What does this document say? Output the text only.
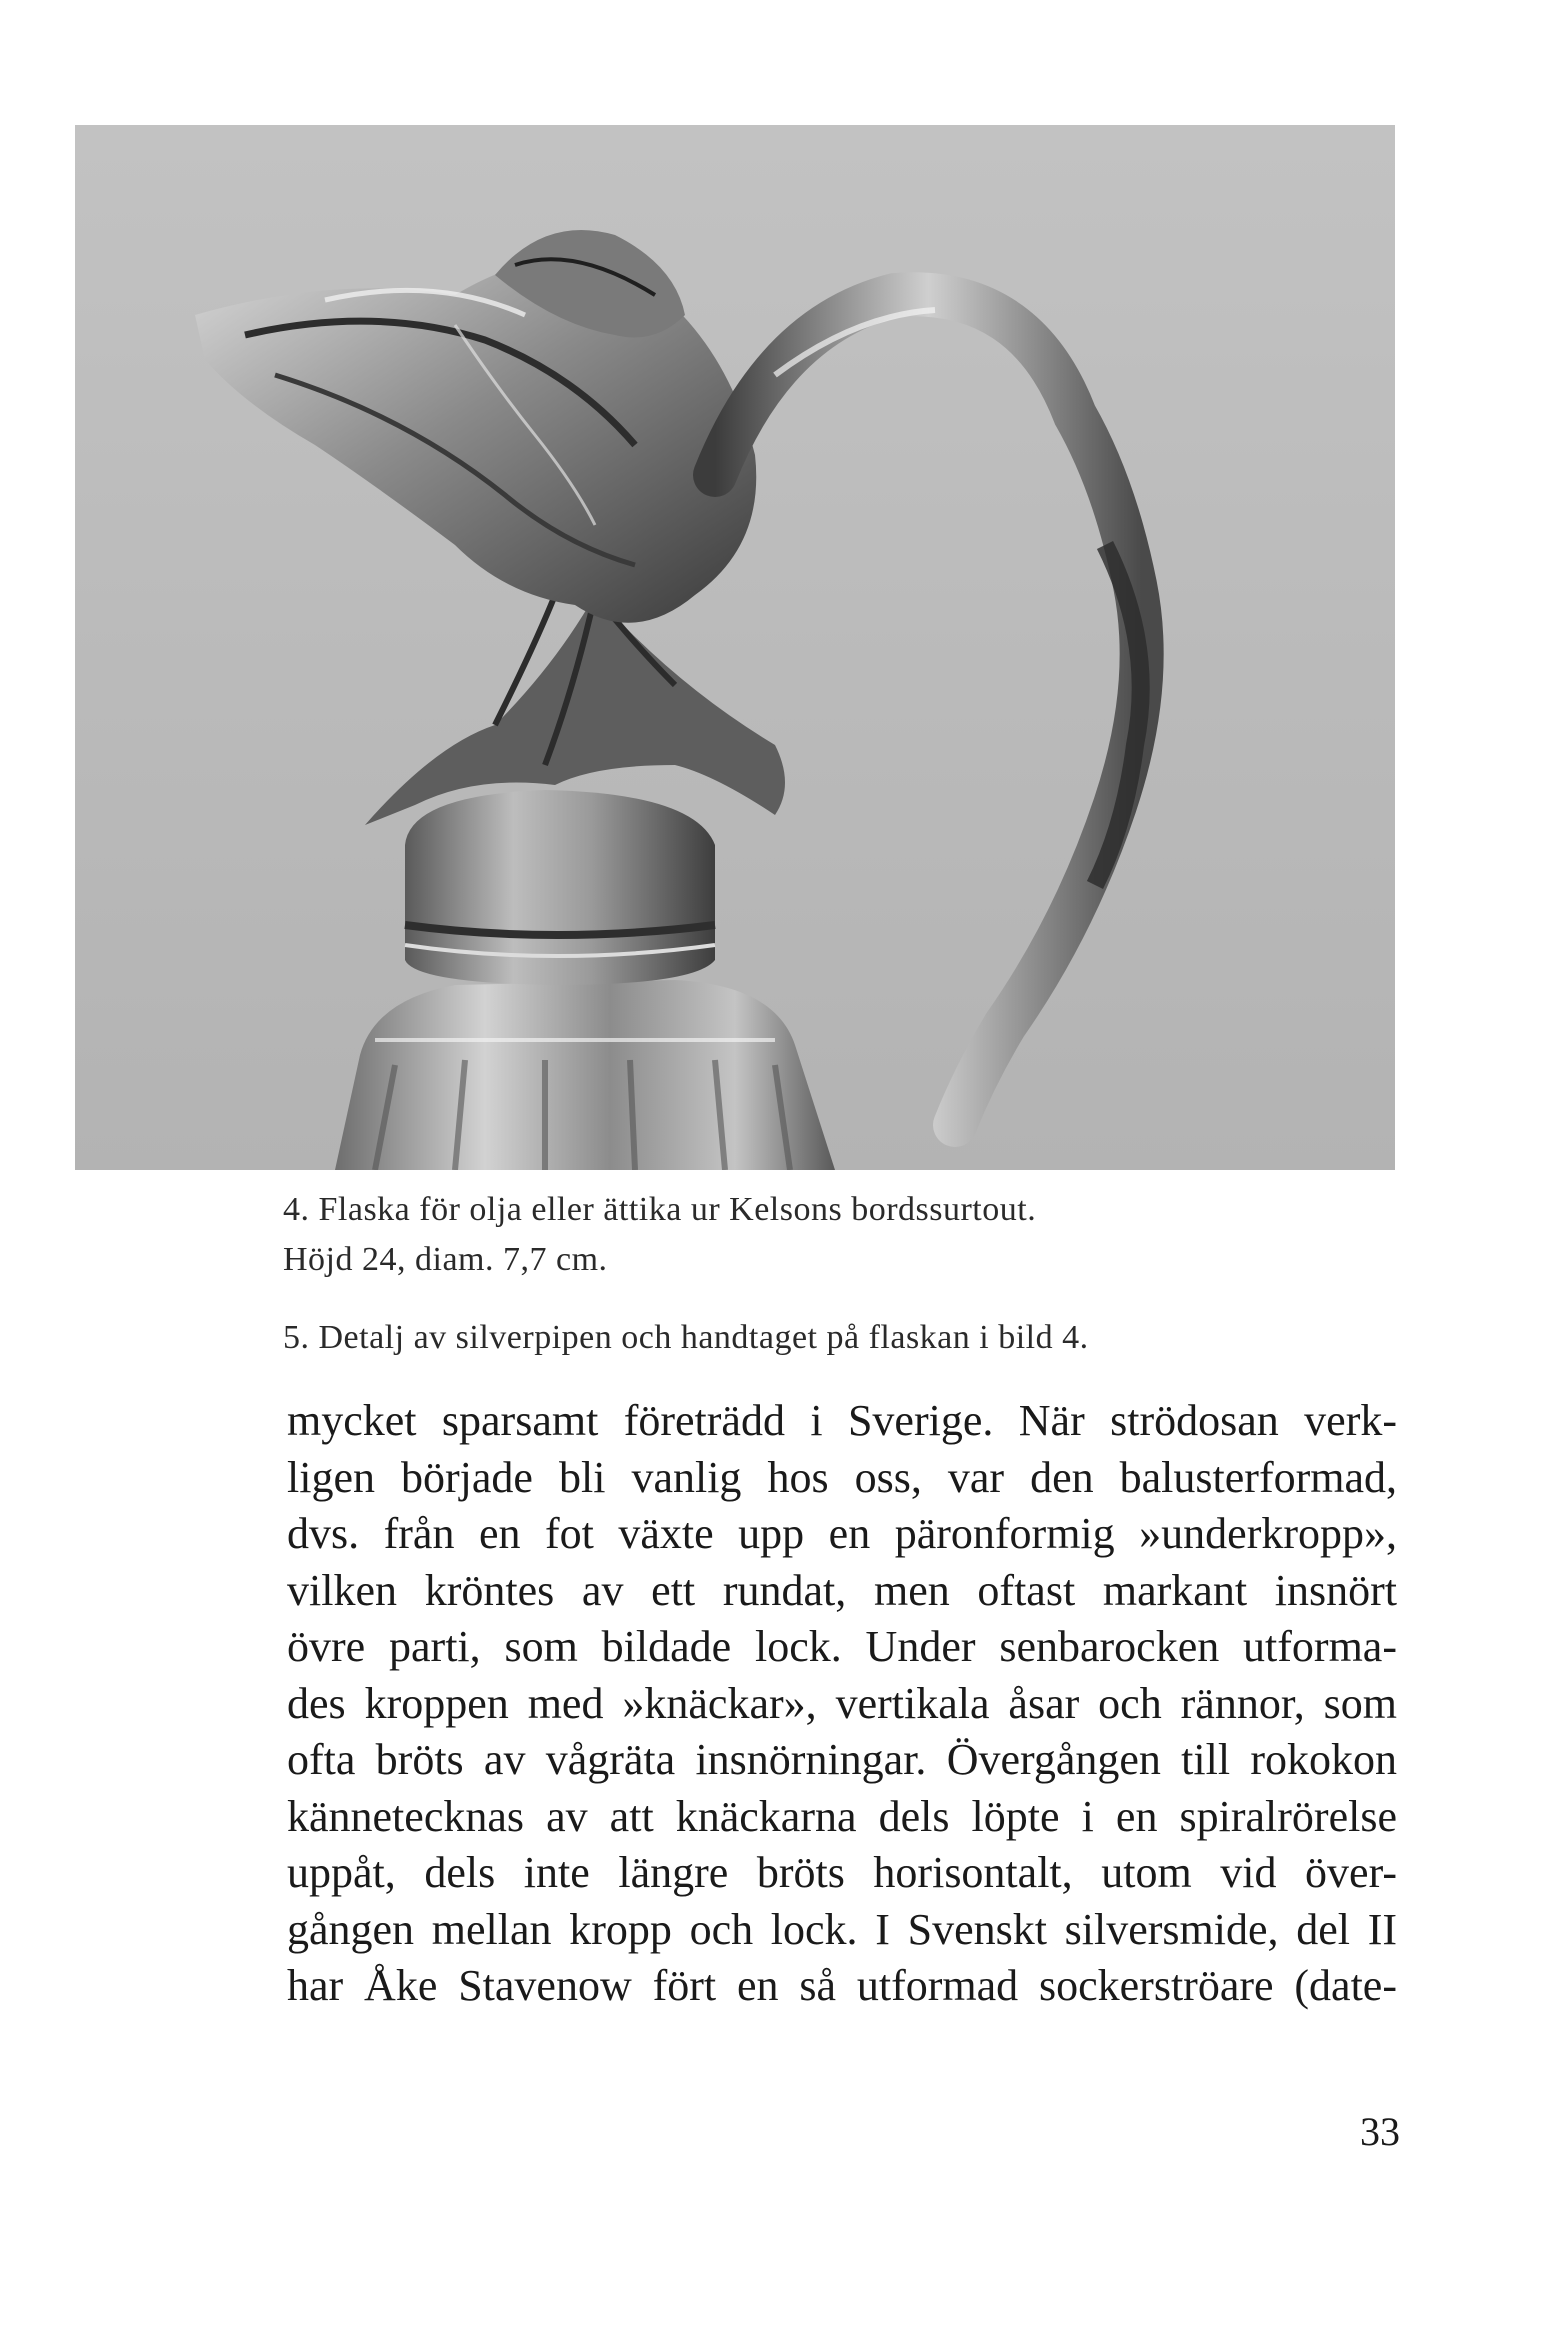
4. Flaska för olja eller ättika ur Kelsons bordssurtout.
Höjd 24, diam. 7,7 cm.

5. Detalj av silverpipen och handtaget på flaskan i bild 4.

mycket sparsamt företrädd i Sverige. När strödosan verk-
ligen började bli vanlig hos oss, var den balusterformad,
dvs. från en fot växte upp en päronformig »underkropp»,
vilken kröntes av ett rundat, men oftast markant insnört
övre parti, som bildade lock. Under senbarocken utforma-
des kroppen med »knäckar», vertikala åsar och rännor, som
ofta bröts av vågräta insnörningar. Övergången till rokokon
kännetecknas av att knäckarna dels löpte i en spiralrörelse
uppåt, dels inte längre bröts horisontalt, utom vid över-
gången mellan kropp och lock. I Svenskt silversmide, del II
har Åke Stavenow fört en så utformad sockerströare (date-
33
